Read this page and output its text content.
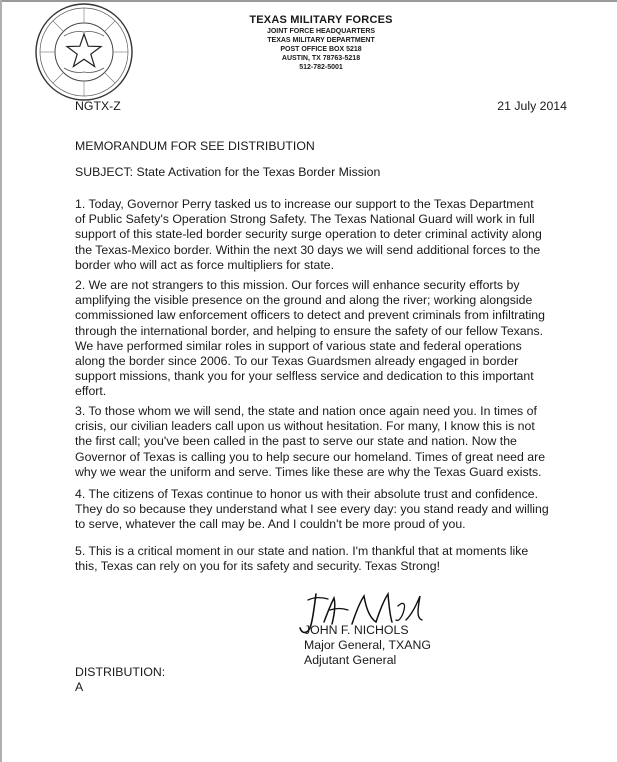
TEXAS MILITARY FORCES
JOINT FORCE HEADQUARTERS
TEXAS MILITARY DEPARTMENT
POST OFFICE BOX 5218
AUSTIN, TX 78763-5218
512-782-5001
NGTX-Z	21 July 2014
MEMORANDUM FOR SEE DISTRIBUTION
SUBJECT: State Activation for the Texas Border Mission
1. Today, Governor Perry tasked us to increase our support to the Texas Department
of Public Safety's Operation Strong Safety. The Texas National Guard will work in full
support of this state-led border security surge operation to deter criminal activity along
the Texas-Mexico border. Within the next 30 days we will send additional forces to the
border who will act as force multipliers for state.
2. We are not strangers to this mission. Our forces will enhance security efforts by
amplifying the visible presence on the ground and along the river; working alongside
commissioned law enforcement officers to detect and prevent criminals from infiltrating
through the international border, and helping to ensure the safety of our fellow Texans.
We have performed similar roles in support of various state and federal operations
along the border since 2006. To our Texas Guardsmen already engaged in border
support missions, thank you for your selfless service and dedication to this important
effort.
3. To those whom we will send, the state and nation once again need you. In times of
crisis, our civilian leaders call upon us without hesitation. For many, I know this is not
the first call; you've been called in the past to serve our state and nation. Now the
Governor of Texas is calling you to help secure our homeland. Times of great need are
why we wear the uniform and serve. Times like these are why the Texas Guard exists.
4. The citizens of Texas continue to honor us with their absolute trust and confidence.
They do so because they understand what I see every day: you stand ready and willing
to serve, whatever the call may be. And I couldn't be more proud of you.
5. This is a critical moment in our state and nation. I'm thankful that at moments like
this, Texas can rely on you for its safety and security. Texas Strong!
JOHN F. NICHOLS
Major General, TXANG
Adjutant General
DISTRIBUTION:
A
